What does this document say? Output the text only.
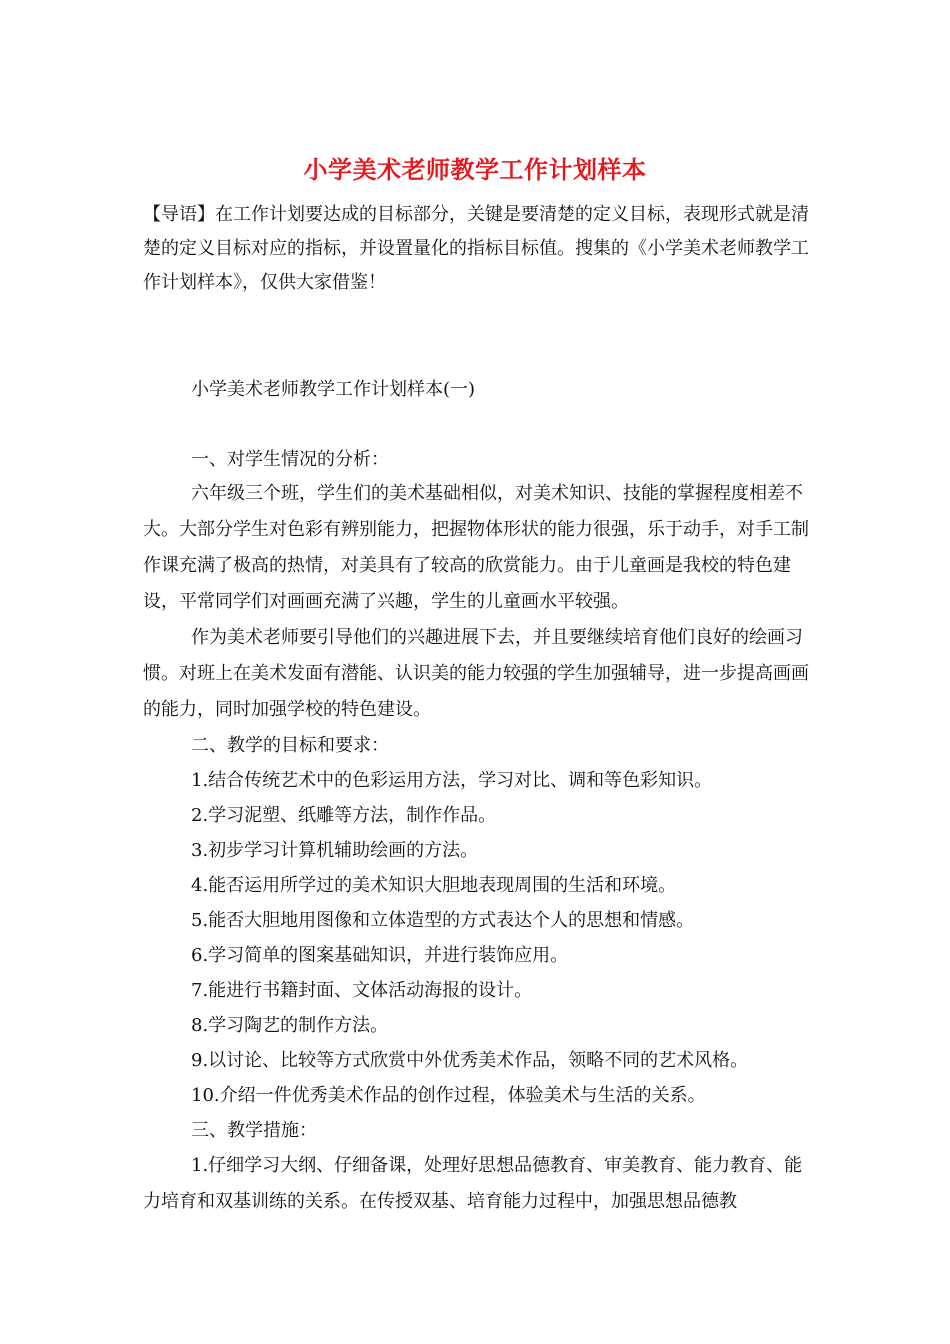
小学美术老师教学工作计划样本

【导语】在工作计划要达成的目标部分，关键是要清楚的定义目标，表现形式就是清楚的定义目标对应的指标，并设置量化的指标目标值。搜集的《小学美术老师教学工作计划样本》，仅供大家借鉴！

小学美术老师教学工作计划样本(一)

一、对学生情况的分析：

六年级三个班，学生们的美术基础相似，对美术知识、技能的掌握程度相差不大。大部分学生对色彩有辨别能力，把握物体形状的能力很强，乐于动手，对手工制作课充满了极高的热情，对美具有了较高的欣赏能力。由于儿童画是我校的特色建设，平常同学们对画画充满了兴趣，学生的儿童画水平较强。

作为美术老师要引导他们的兴趣进展下去，并且要继续培育他们良好的绘画习惯。对班上在美术发面有潜能、认识美的能力较强的学生加强辅导，进一步提高画画的能力，同时加强学校的特色建设。

二、教学的目标和要求：

1.结合传统艺术中的色彩运用方法，学习对比、调和等色彩知识。

2.学习泥塑、纸雕等方法，制作作品。

3.初步学习计算机辅助绘画的方法。

4.能否运用所学过的美术知识大胆地表现周围的生活和环境。

5.能否大胆地用图像和立体造型的方式表达个人的思想和情感。

6.学习简单的图案基础知识，并进行装饰应用。

7.能进行书籍封面、文体活动海报的设计。

8.学习陶艺的制作方法。

9.以讨论、比较等方式欣赏中外优秀美术作品，领略不同的艺术风格。

10.介绍一件优秀美术作品的创作过程，体验美术与生活的关系。

三、教学措施：

1.仔细学习大纲、仔细备课，处理好思想品德教育、审美教育、能力教育、能力培育和双基训练的关系。在传授双基、培育能力过程中，加强思想品德教
